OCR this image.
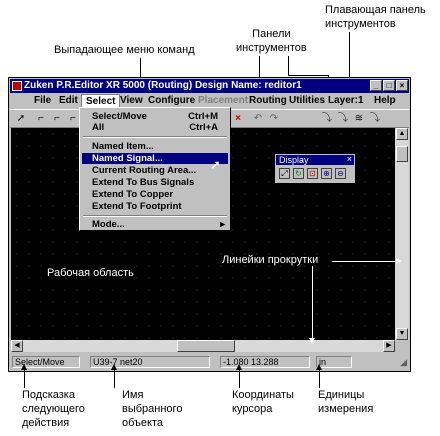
Плавающая панель
инструментов
Панели
инструментов
Выпадающее меню команд
Zuken P.R.Editor XR 5000 (Routing) Design Name: reditor1	_	□	×
File Edit Select View Configure Placement Routing Utilities Layer:1 Help
➚	⌐	⌐	⌐	×	↶ ↷	⤵ ⤵ ≋ ⤵
▲
▼
◀	▶
Select/Move	U39-7 net20	-1.080 13.288	in	◢
Select/Move	Ctrl+M
All	Ctrl+A
Named Item...
Named Signal...
Current Routing Area...
Extend To Bus Signals
Extend To Copper
Extend To Footprint
Mode...	▸
➚	Display	×
⤢ ↻ ⊡ ⊕ ⊖
Рабочая область
Линейки прокрутки
Подсказка
следующего
действия
Имя
выбранного
объекта
Координаты
курсора
Единицы
измерения
